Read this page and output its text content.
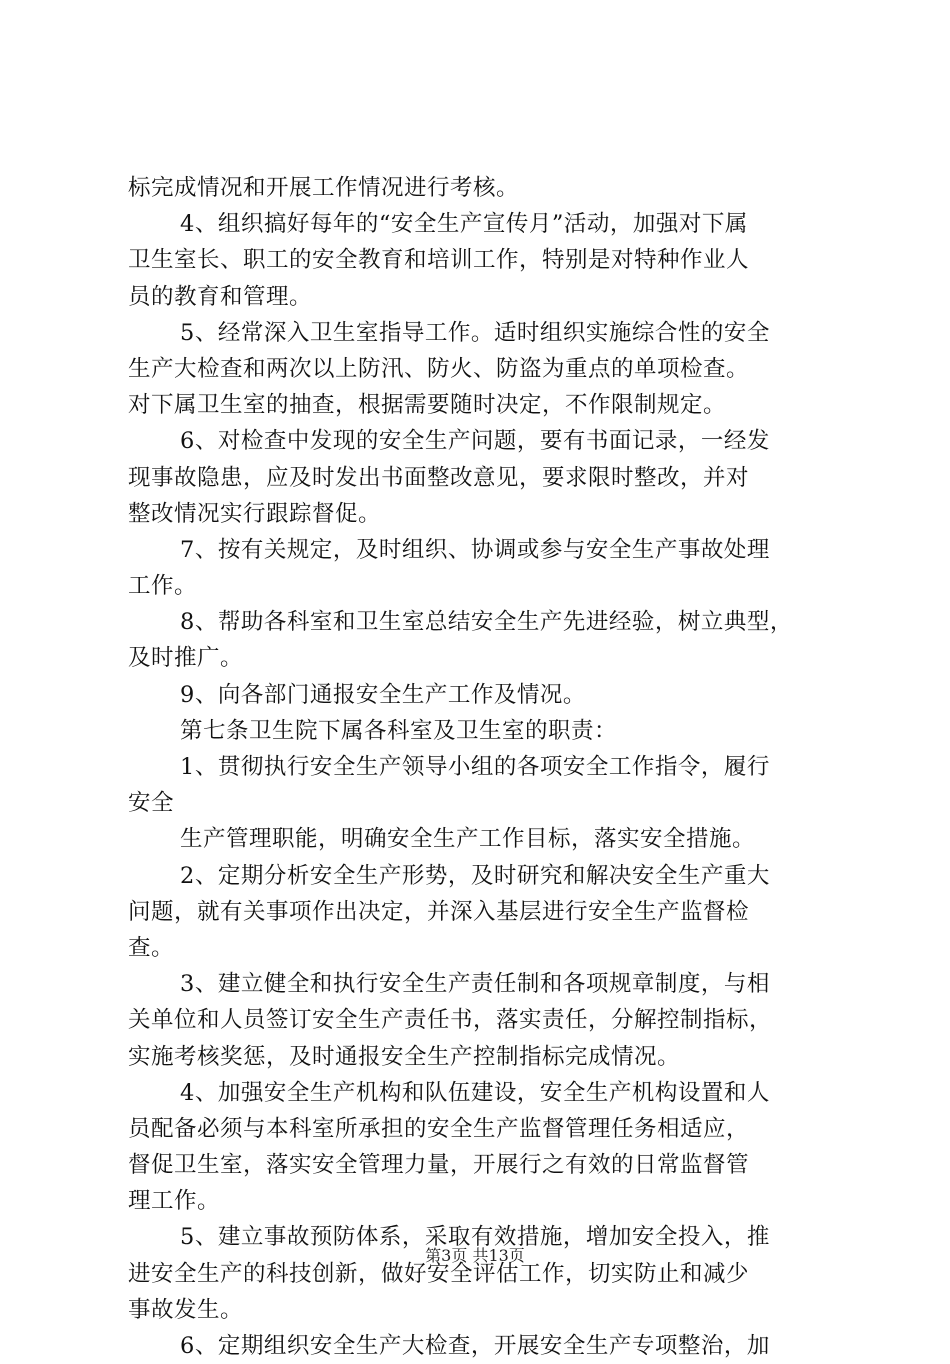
标完成情况和开展工作情况进行考核。
4、组织搞好每年的“安全生产宣传月”活动，加强对下属
卫生室长、职工的安全教育和培训工作，特别是对特种作业人
员的教育和管理。
5、经常深入卫生室指导工作。适时组织实施综合性的安全
生产大检查和两次以上防汛、防火、防盗为重点的单项检查。
对下属卫生室的抽查，根据需要随时决定，不作限制规定。
6、对检查中发现的安全生产问题，要有书面记录，一经发
现事故隐患，应及时发出书面整改意见，要求限时整改，并对
整改情况实行跟踪督促。
7、按有关规定，及时组织、协调或参与安全生产事故处理
工作。
8、帮助各科室和卫生室总结安全生产先进经验，树立典型，
及时推广。
9、向各部门通报安全生产工作及情况。
第七条卫生院下属各科室及卫生室的职责：
1、贯彻执行安全生产领导小组的各项安全工作指令，履行
安全
生产管理职能，明确安全生产工作目标，落实安全措施。
2、定期分析安全生产形势，及时研究和解决安全生产重大
问题，就有关事项作出决定，并深入基层进行安全生产监督检
查。
3、建立健全和执行安全生产责任制和各项规章制度，与相
关单位和人员签订安全生产责任书，落实责任，分解控制指标，
实施考核奖惩，及时通报安全生产控制指标完成情况。
4、加强安全生产机构和队伍建设，安全生产机构设置和人
员配备必须与本科室所承担的安全生产监督管理任务相适应，
督促卫生室，落实安全管理力量，开展行之有效的日常监督管
理工作。
5、建立事故预防体系，采取有效措施，增加安全投入，推
进安全生产的科技创新，做好安全评估工作，切实防止和减少
事故发生。
6、定期组织安全生产大检查，开展安全生产专项整治，加
第3页 共13页
